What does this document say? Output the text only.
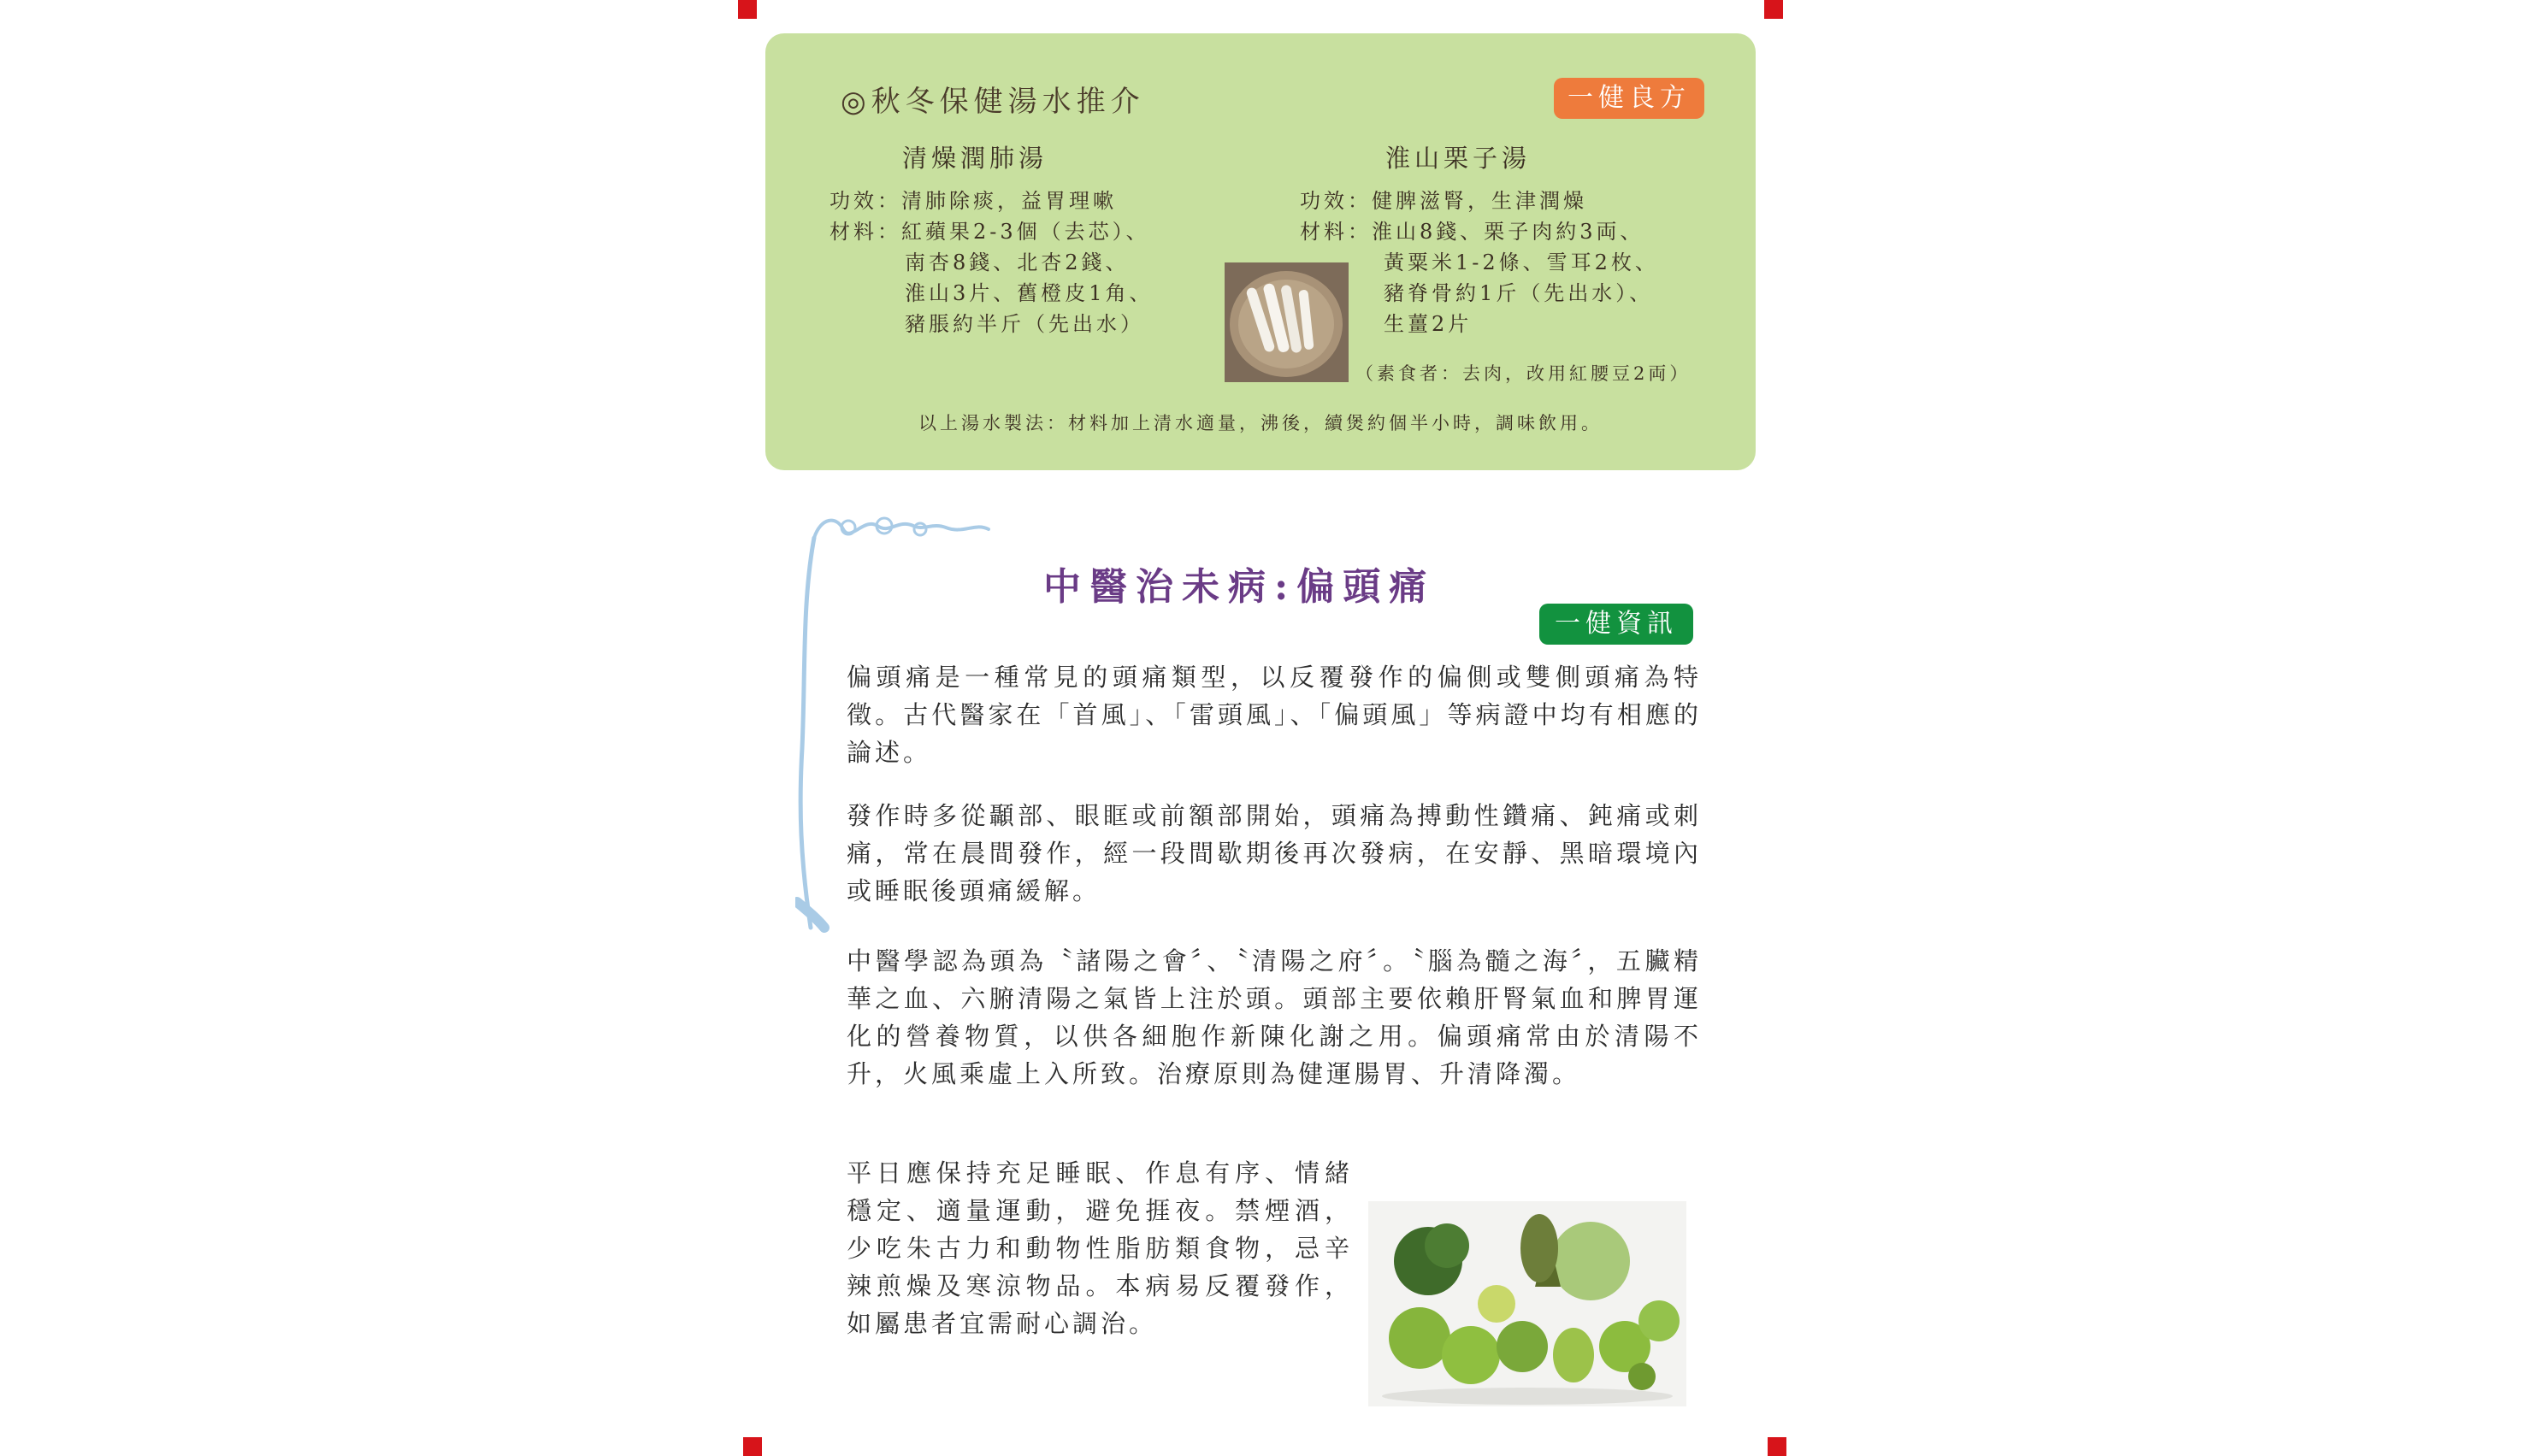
◎秋冬保健湯水推介	一健良方
清燥潤肺湯
功效：清肺除痰，益胃理嗽
材料：紅蘋果2-3個（去芯）、
南杏8錢、北杏2錢、
淮山3片、舊橙皮1角、
豬脹約半斤（先出水）
淮山栗子湯
功效：健脾滋腎，生津潤燥
材料：淮山8錢、栗子肉約3両、
黃粟米1-2條、雪耳2枚、
豬脊骨約1斤（先出水）、
生薑2片
（素食者：去肉，改用紅腰豆2両）
以上湯水製法：材料加上清水適量，沸後，續煲約個半小時，調味飲用。
中醫治未病:偏頭痛
一健資訊
偏頭痛是一種常見的頭痛類型，以反覆發作的偏側或雙側頭痛為特徵。古代醫家在「首風」、「雷頭風」、「偏頭風」等病證中均有相應的論述。
發作時多從顳部、眼眶或前額部開始，頭痛為搏動性鑽痛、鈍痛或刺痛，常在晨間發作，經一段間歇期後再次發病，在安靜、黑暗環境內或睡眠後頭痛緩解。
中醫學認為頭為〝諸陽之會〞、〝清陽之府〞。〝腦為髓之海〞，五臟精華之血、六腑清陽之氣皆上注於頭。頭部主要依賴肝腎氣血和脾胃運化的營養物質，以供各細胞作新陳化謝之用。偏頭痛常由於清陽不升，火風乘虛上入所致。治療原則為健運腸胃、升清降濁。
平日應保持充足睡眠、作息有序、情緒穩定、適量運動，避免捱夜。禁煙酒，少吃朱古力和動物性脂肪類食物，忌辛辣煎燥及寒涼物品。本病易反覆發作，如屬患者宜需耐心調治。
